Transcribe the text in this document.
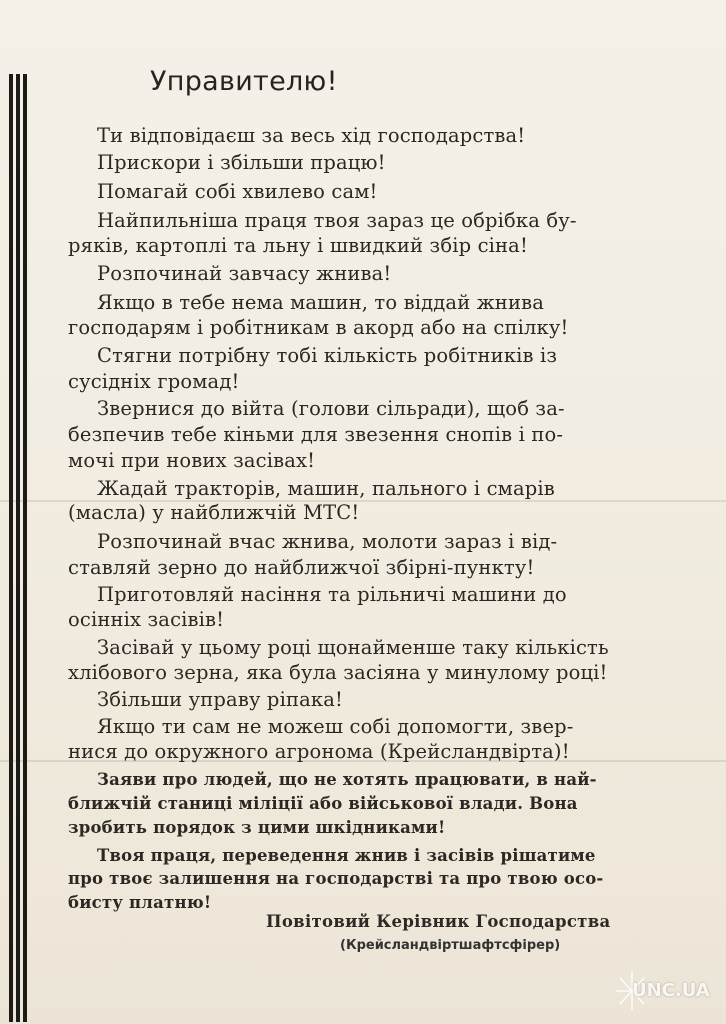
Управителю!
Ти відповідаєш за весь хід господарства!
Прискори і збільши працю!
Помагай собі хвилево сам!
Найпильніша праця твоя зараз це обрібка бу-
ряків, картоплі та льну і швидкий збір сіна!
Розпочинай завчасу жнива!
Якщо в тебе нема машин, то віддай жнива
господарям і робітникам в акорд або на спілку!
Стягни потрібну тобі кількість робітників із
сусідніх громад!
Звернися до війта (голови сільради), щоб за-
безпечив тебе кіньми для звезення снопів і по-
мочі при нових засівах!
Жадай тракторів, машин, пального і смарів
(масла) у найближчій МТС!
Розпочинай вчас жнива, молоти зараз і від-
ставляй зерно до найближчої збірні-пункту!
Приготовляй насіння та рільничі машини до
осінніх засівів!
Засівай у цьому році щонайменше таку кількість
хлібового зерна, яка була засіяна у минулому році!
Збільши управу ріпака!
Якщо ти сам не можеш собі допомогти, звер-
нися до окружного агронома (Крейсландвірта)!
Заяви про людей, що не хотять працювати, в най-
ближчій станиці міліції або військової влади. Вона
зробить порядок з цими шкідниками!
Твоя праця, переведення жнив і засівів рішатиме
про твоє залишення на господарстві та про твою осо-
бисту платню!
Повітовий Керівник Господарства
(Крейсландвіртшафтсфірер)
UNC.UA
